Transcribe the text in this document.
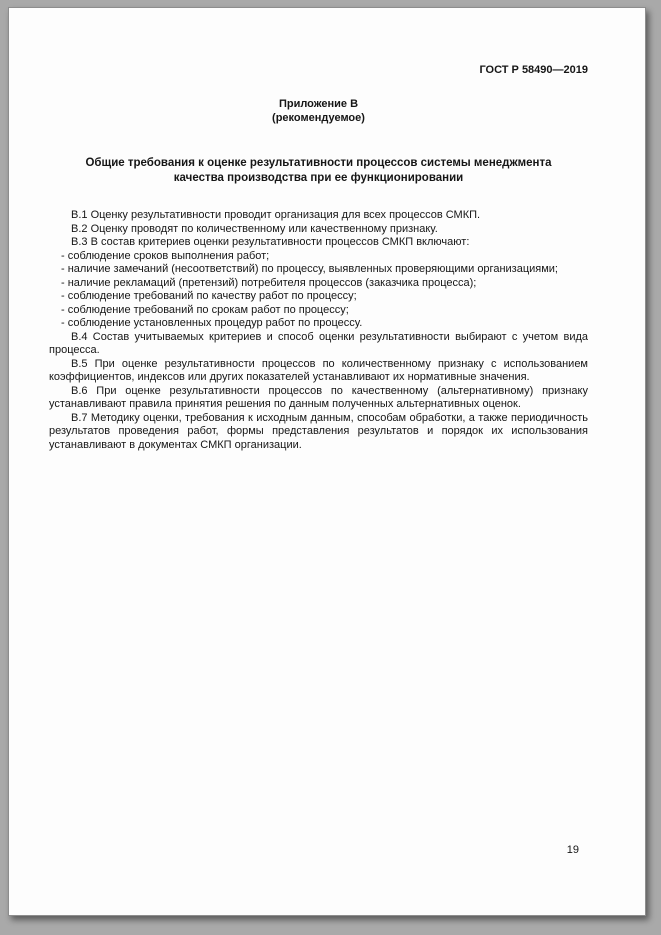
ГОСТ Р 58490—2019
Приложение В
(рекомендуемое)
Общие требования к оценке результативности процессов системы менеджмента качества производства при ее функционировании
В.1 Оценку результативности проводит организация для всех процессов СМКП.
В.2 Оценку проводят по количественному или качественному признаку.
В.3 В состав критериев оценки результативности процессов СМКП включают:
- соблюдение сроков выполнения работ;
- наличие замечаний (несоответствий) по процессу, выявленных проверяющими организациями;
- наличие рекламаций (претензий) потребителя процессов (заказчика процесса);
- соблюдение требований по качеству работ по процессу;
- соблюдение требований по срокам работ по процессу;
- соблюдение установленных процедур работ по процессу.
В.4 Состав учитываемых критериев и способ оценки результативности выбирают с учетом вида процесса.
В.5 При оценке результативности процессов по количественному признаку с использованием коэффициентов, индексов или других показателей устанавливают их нормативные значения.
В.6 При оценке результативности процессов по качественному (альтернативному) признаку устанавливают правила принятия решения по данным полученных альтернативных оценок.
В.7 Методику оценки, требования к исходным данным, способам обработки, а также периодичность результатов проведения работ, формы представления результатов и порядок их использования устанавливают в документах СМКП организации.
19
